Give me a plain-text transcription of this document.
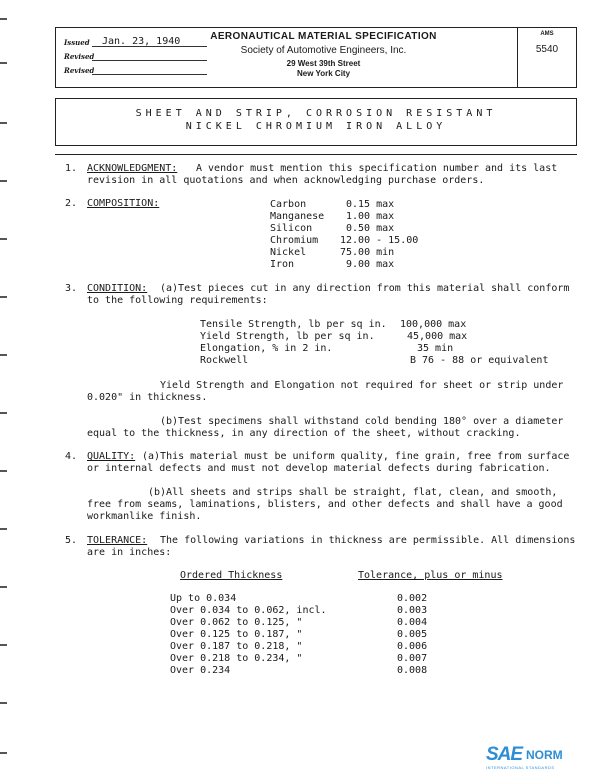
Issued	Jan. 23, 1940
Revised
Revised
AERONAUTICAL MATERIAL SPECIFICATION
Society of Automotive Engineers, Inc.
29 West 39th Street
New York City
AMS
5540
SHEET AND STRIP, CORROSION RESISTANT
NICKEL CHROMIUM IRON ALLOY
1. ACKNOWLEDGMENT: A vendor must mention this specification number and its last
revision in all quotations and when acknowledging purchase orders.
2. COMPOSITION:	Carbon	0.15 max
Manganese 1.00 max
Silicon	0.50 max
Chromium 12.00 - 15.00
Nickel	75.00 min
Iron	9.00 max
3. CONDITION: (a)Test pieces cut in any direction from this material shall conform
to the following requirements:
Tensile Strength, lb per sq in. 100,000 max
Yield Strength, lb per sq in.	45,000 max
Elongation, % in 2 in.	35 min
Rockwell	B 76 - 88 or equivalent
Yield Strength and Elongation not required for sheet or strip under
0.020" in thickness.
(b)Test specimens shall withstand cold bending 180° over a diameter
equal to the thickness, in any direction of the sheet, without cracking.
4. QUALITY: (a)This material must be uniform quality, fine grain, free from surface
or internal defects and must not develop material defects during fabrication.
(b)All sheets and strips shall be straight, flat, clean, and smooth,
free from seams, laminations, blisters, and other defects and shall have a good
workmanlike finish.
5. TOLERANCE: The following variations in thickness are permissible. All dimensions
are in inches:
Ordered Thickness	Tolerance, plus or minus
Up to 0.034	0.002
Over 0.034 to 0.062, incl.	0.003
Over 0.062 to 0.125, "	0.004
Over 0.125 to 0.187, "	0.005
Over 0.187 to 0.218, "	0.006
Over 0.218 to 0.234, "	0.007
Over 0.234	0.008
SAE NORM
INTERNATIONAL STANDARDS
